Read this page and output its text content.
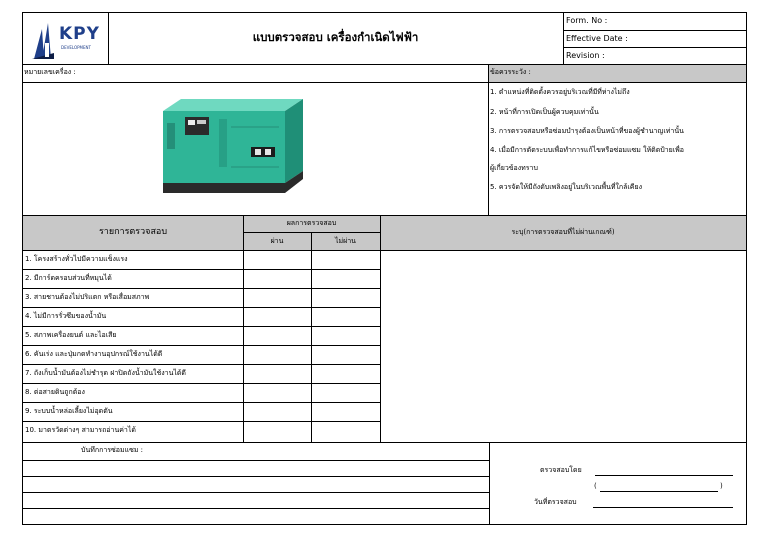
KPY
DEVELOPMENT
แบบตรวจสอบ เครื่องกำเนิดไฟฟ้า
Form. No :
Effective Date :
Revision :
หมายเลขเครื่อง :	ข้อควรระวัง :
1. ตำแหน่งที่ติดตั้งควรอยู่บริเวณที่มีที่ห่างไม่ถึง
2. หน้าที่การเปิดเป็นผู้ควบคุมเท่านั้น
3. การตรวจสอบหรือซ่อมบำรุงต้องเป็นหน้าที่ของผู้ชำนาญเท่านั้น
4. เมื่อมีการตัดระบบเพื่อทำการแก้ไขหรือซ่อมแซม ให้ติดป้ายเพื่อ
ผู้เกี่ยวข้องทราบ
5. ควรจัดให้มีถังดับเพลิงอยู่ในบริเวณพื้นที่ใกล้เคียง
รายการตรวจสอบ
ผลการตรวจสอบ
ผ่าน	ไม่ผ่าน
ระบุ(การตรวจสอบที่ไม่ผ่านเกณฑ์)
1. โครงสร้างทั่วไปมีความแข็งแรง
2. มีการ์ดครอบส่วนที่หมุนได้
3. สายชานต้องไม่ปริแตก หรือเสื่อมสภาพ
4. ไม่มีการรั่วซึมของน้ำมัน
5. สภาพเครื่องยนต์ และไอเสีย
6. คันเร่ง และปุ่มกดทำงานอุปกรณ์ใช้งานได้ดี
7. ถังเก็บน้ำมันต้องไม่ชำรุด ฝาปิดถังน้ำมันใช้งานได้ดี
8. ต่อสายดินถูกต้อง
9. ระบบน้ำหล่อเลี้ยงไม่อุดตัน
10. มาตรวัดต่างๆ สามารถอ่านค่าได้
บันทึกการซ่อมแซม :
ตรวจสอบโดย
(	)
วันที่ตรวจสอบ
